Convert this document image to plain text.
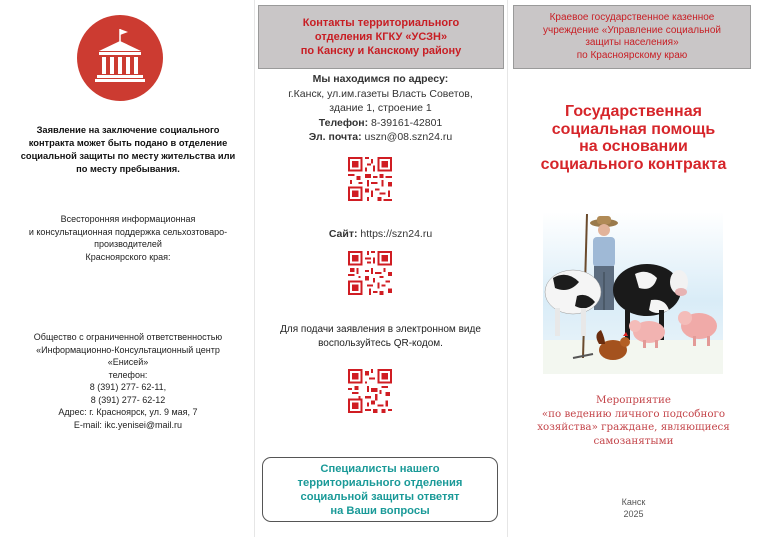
Заявление на заключение социального
контракта может быть подано в отделение
социальной защиты по месту жительства или
по месту пребывания.
Всесторонняя информационная
и консультационная поддержка сельхозтоваро-
производителей
Красноярского края:
Общество с ограниченной ответственностью
«Информационно-Консультационный центр
«Енисей»
телефон:
8 (391) 277- 62-11,
8 (391) 277- 62-12
Адрес: г. Красноярск, ул. 9 мая, 7
E-mail: ikc.yenisei@mail.ru
Контакты территориального
отделения КГКУ «УСЗН»
по Канску и Канскому району
Мы находимся по адресу:
г.Канск, ул.им.газеты Власть Советов,
здание 1, строение 1
Телефон: 8-39161-42801
Эл. почта: uszn@08.szn24.ru
Сайт: https://szn24.ru
Для подачи заявления в электронном виде
воспользуйтесь QR-кодом.
Специалисты нашего
территориального отделения
социальной защиты ответят
на Ваши вопросы
Краевое государственное казенное
учреждение «Управление социальной
защиты населения»
по Красноярскому краю
Государственная
социальная помощь
на основании
социального контракта
Мероприятие
«по ведению личного подсобного
хозяйства» граждане, являющиеся
самозанятыми
Канск
2025
